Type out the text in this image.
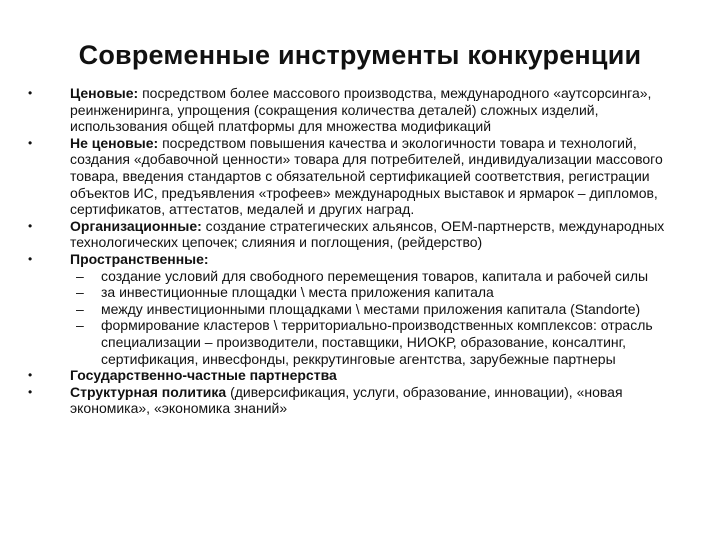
Современные инструменты конкуренции
•	Ценовые: посредством более массового производства, международного «аутсорсинга», реинжениринга, упрощения (сокращения количества деталей) сложных изделий, использования общей платформы для множества модификаций
•	Не ценовые: посредством повышения качества и экологичности товара и технологий, создания «добавочной ценности» товара для потребителей, индивидуализации массового товара, введения стандартов с обязательной сертификацией соответствия, регистрации объектов ИС, предъявления «трофеев» международных выставок и ярмарок – дипломов, сертификатов, аттестатов, медалей и других наград.
•	Организационные: создание стратегических альянсов, OEM-партнерств, международных технологических цепочек; слияния и поглощения, (рейдерство)
•	Пространственные:
– создание условий для свободного перемещения товаров, капитала и рабочей силы
– за инвестиционные площадки \ места приложения капитала
– между инвестиционными площадками \ местами приложения капитала (Standorte)
– формирование кластеров \ территориально-производственных комплексов: отрасль специализации – производители, поставщики, НИОКР, образование, консалтинг, сертификация, инвесфонды, реккрутинговые агентства, зарубежные партнеры
•	Государственно-частные партнерства
•	Структурная политика (диверсификация, услуги, образование, инновации), «новая экономика», «экономика знаний»
